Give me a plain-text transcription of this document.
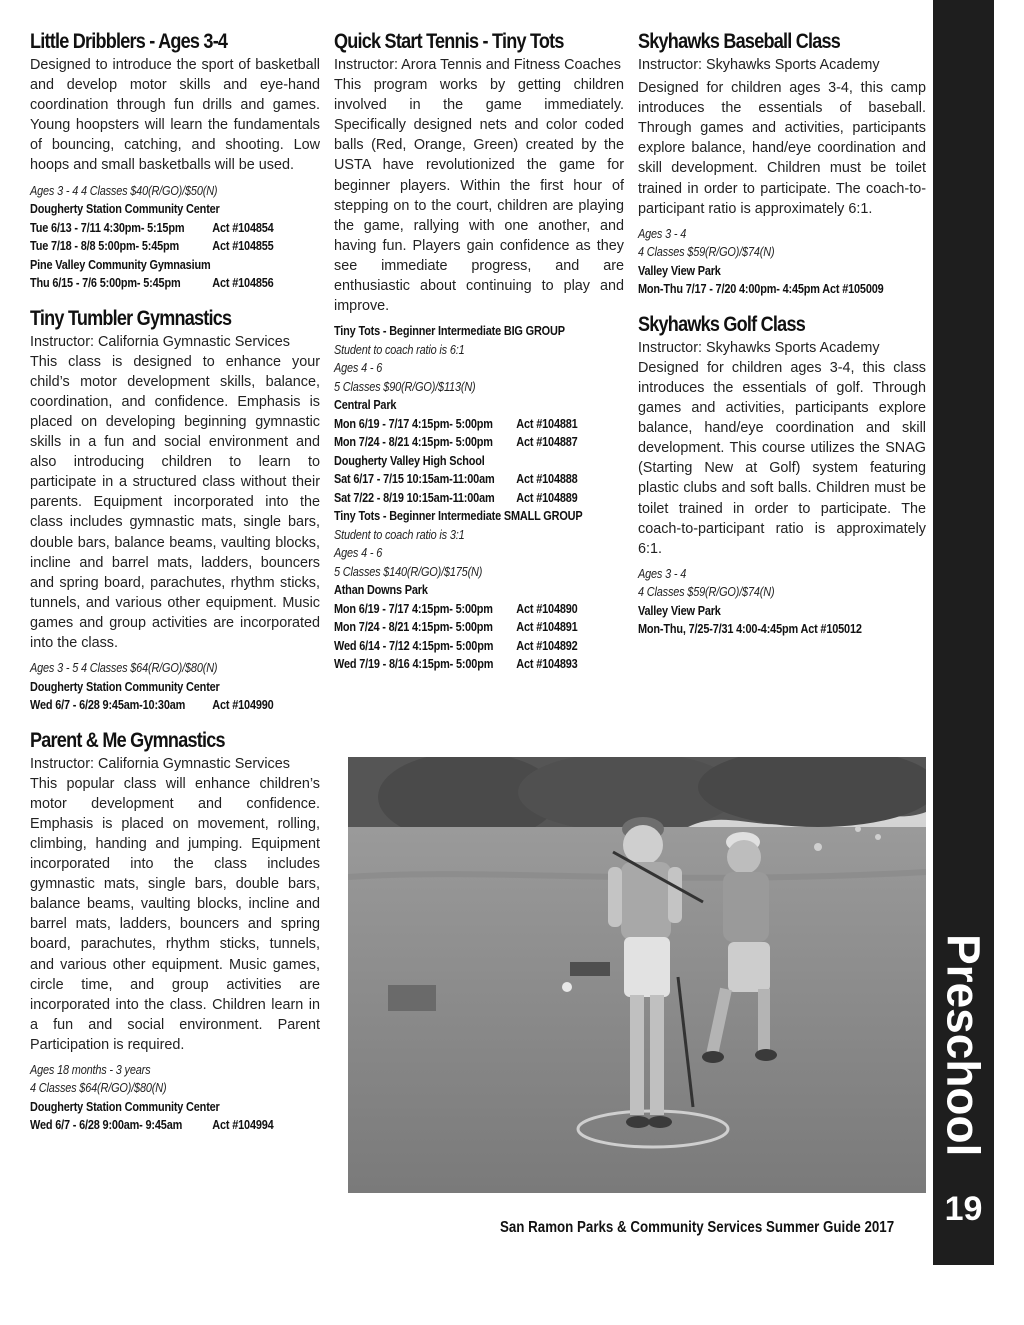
Little Dribblers - Ages 3-4

Designed to introduce the sport of basketball and develop motor skills and eye-hand coordination through fun drills and games. Young hoopsters will learn the fundamentals of bouncing, catching, and shooting. Low hoops and small basketballs will be used.

Ages 3 - 4 4 Classes $40(R/GO)/$50(N)
Dougherty Station Community Center
Tue 6/13 - 7/11 4:30pm- 5:15pm	Act #104854
Tue 7/18 - 8/8 5:00pm- 5:45pm	Act #104855
Pine Valley Community Gymnasium
Thu 6/15 - 7/6 5:00pm- 5:45pm	Act #104856
Tiny Tumbler Gymnastics

Instructor: California Gymnastic Services

This class is designed to enhance your child’s motor development skills, balance, coordination, and confidence. Emphasis is placed on developing beginning gymnastic skills in a fun and social environment and also introducing children to learn to participate in a structured class without their parents. Equipment incorporated into the class includes gymnastic mats, single bars, double bars, balance beams, vaulting blocks, incline and barrel mats, ladders, bouncers and spring board, parachutes, rhythm sticks, tunnels, and various other equipment. Music games and group activities are incorporated into the class.

Ages 3 - 5 4 Classes $64(R/GO)/$80(N)
Dougherty Station Community Center
Wed 6/7 - 6/28 9:45am-10:30am	Act #104990
Parent & Me Gymnastics

Instructor: California Gymnastic Services

This popular class will enhance children’s motor development and confidence. Emphasis is placed on movement, rolling, climbing, handing and jumping. Equipment incorporated into the class includes gymnastic mats, single bars, double bars, balance beams, vaulting blocks, incline and barrel mats, ladders, bouncers and spring board, parachutes, rhythm sticks, tunnels, and various other equipment. Music games, circle time, and group activities are incorporated into the class. Children learn in a fun and social environment. Parent Participation is required.

Ages 18 months - 3 years
4 Classes $64(R/GO)/$80(N)
Dougherty Station Community Center
Wed 6/7 - 6/28 9:00am- 9:45am	Act #104994
Quick Start Tennis - Tiny Tots

Instructor: Arora Tennis and Fitness Coaches

This program works by getting children involved in the game immediately. Specifically designed nets and color coded balls (Red, Orange, Green) created by the USTA have revolutionized the game for beginner players. Within the first hour of stepping on to the court, children are playing the game, rallying with one another, and having fun. Players gain confidence as they see immediate progress, and are enthusiastic about continuing to play and improve.

Tiny Tots - Beginner Intermediate BIG GROUP
Student to coach ratio is 6:1
Ages 4 - 6
5 Classes $90(R/GO)/$113(N)
Central Park
Mon 6/19 - 7/17 4:15pm- 5:00pm	Act #104881
Mon 7/24 - 8/21 4:15pm- 5:00pm	Act #104887
Dougherty Valley High School
Sat 6/17 - 7/15 10:15am-11:00am	Act #104888
Sat 7/22 - 8/19 10:15am-11:00am	Act #104889
Tiny Tots - Beginner Intermediate SMALL GROUP
Student to coach ratio is 3:1
Ages 4 - 6
5 Classes $140(R/GO)/$175(N)
Athan Downs Park
Mon 6/19 - 7/17 4:15pm- 5:00pm	Act #104890
Mon 7/24 - 8/21 4:15pm- 5:00pm	Act #104891
Wed 6/14 - 7/12 4:15pm- 5:00pm	Act #104892
Wed 7/19 - 8/16 4:15pm- 5:00pm	Act #104893
Skyhawks Baseball Class

Instructor: Skyhawks Sports Academy

Designed for children ages 3-4, this camp introduces the essentials of baseball. Through games and activities, participants explore balance, hand/eye coordination and skill development. Children must be toilet trained in order to participate. The coach-to-participant ratio is approximately 6:1.

Ages 3 - 4
4 Classes $59(R/GO)/$74(N)
Valley View Park
Mon-Thu 7/17 - 7/20 4:00pm- 4:45pm Act #105009
Skyhawks Golf Class

Instructor: Skyhawks Sports Academy

Designed for children ages 3-4, this class introduces the essentials of golf. Through games and activities, participants explore balance, hand/eye coordination and skill development. This course utilizes the SNAG (Starting New at Golf) system featuring plastic clubs and soft balls. Children must be toilet trained in order to participate. The coach-to-participant ratio is approximately 6:1.

Ages 3 - 4
4 Classes $59(R/GO)/$74(N)
Valley View Park
Mon-Thu, 7/25-7/31 4:00-4:45pm Act #105012
Preschool
19
San Ramon Parks & Community Services Summer Guide 2017
